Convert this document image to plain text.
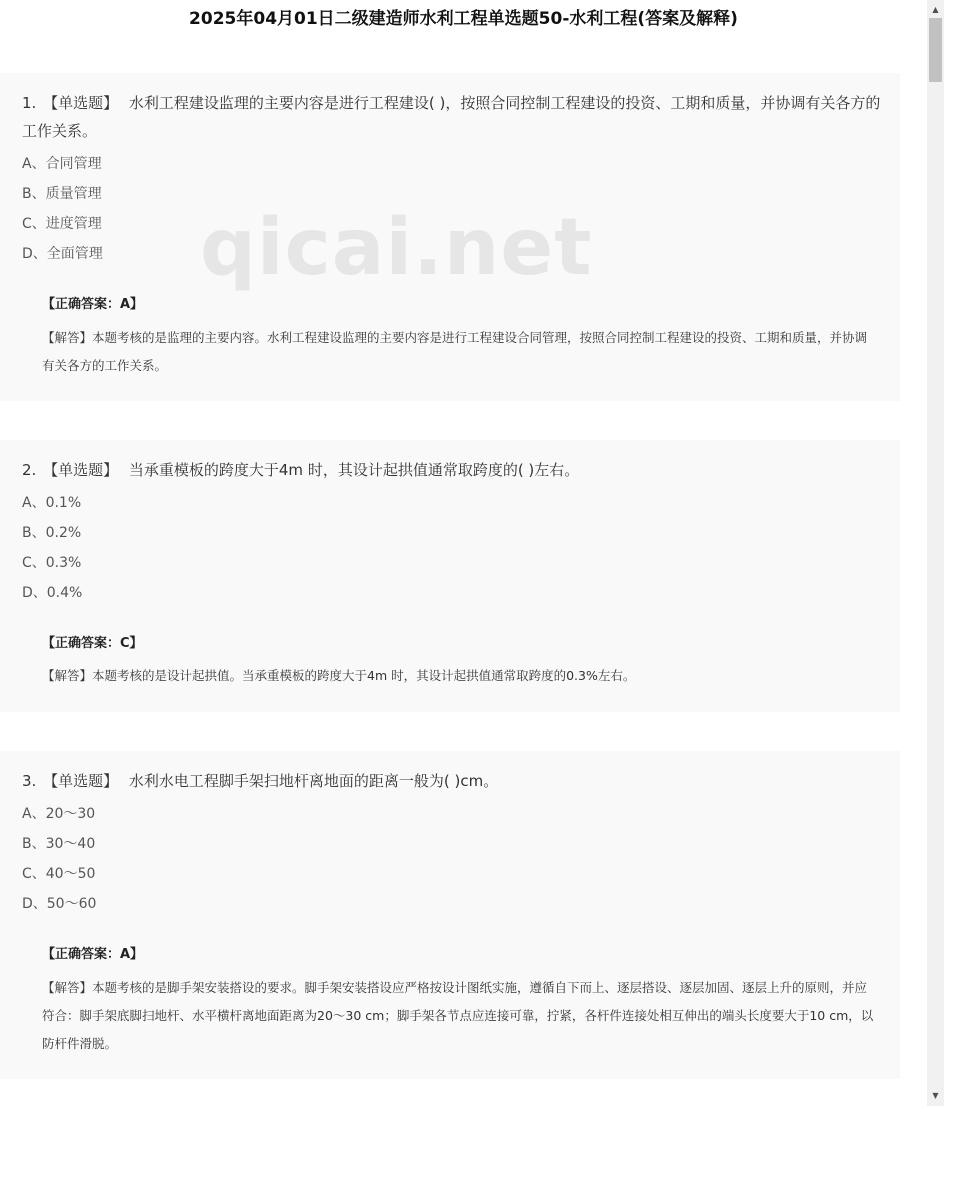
2025年04月01日二级建造师水利工程单选题50-水利工程(答案及解释)
qicai.net
1. 【单选题】 水利工程建设监理的主要内容是进行工程建设( )，按照合同控制工程建设的投资、工期和质量，并协调有关各方的工作关系。
A、合同管理
B、质量管理
C、进度管理
D、全面管理
【正确答案：A】
【解答】本题考核的是监理的主要内容。水利工程建设监理的主要内容是进行工程建设合同管理，按照合同控制工程建设的投资、工期和质量，并协调有关各方的工作关系。
2. 【单选题】 当承重模板的跨度大于4m 时，其设计起拱值通常取跨度的( )左右。
A、0.1%
B、0.2%
C、0.3%
D、0.4%
【正确答案：C】
【解答】本题考核的是设计起拱值。当承重模板的跨度大于4m 时，其设计起拱值通常取跨度的0.3%左右。
3. 【单选题】 水利水电工程脚手架扫地杆离地面的距离一般为( )cm。
A、20～30
B、30～40
C、40～50
D、50～60
【正确答案：A】
【解答】本题考核的是脚手架安装搭设的要求。脚手架安装搭设应严格按设计图纸实施，遵循自下而上、逐层搭设、逐层加固、逐层上升的原则，并应符合：脚手架底脚扫地杆、水平横杆离地面距离为20～30 cm；脚手架各节点应连接可靠，拧紧，各杆件连接处相互伸出的端头长度要大于10 cm，以防杆件滑脱。
▲
▼
